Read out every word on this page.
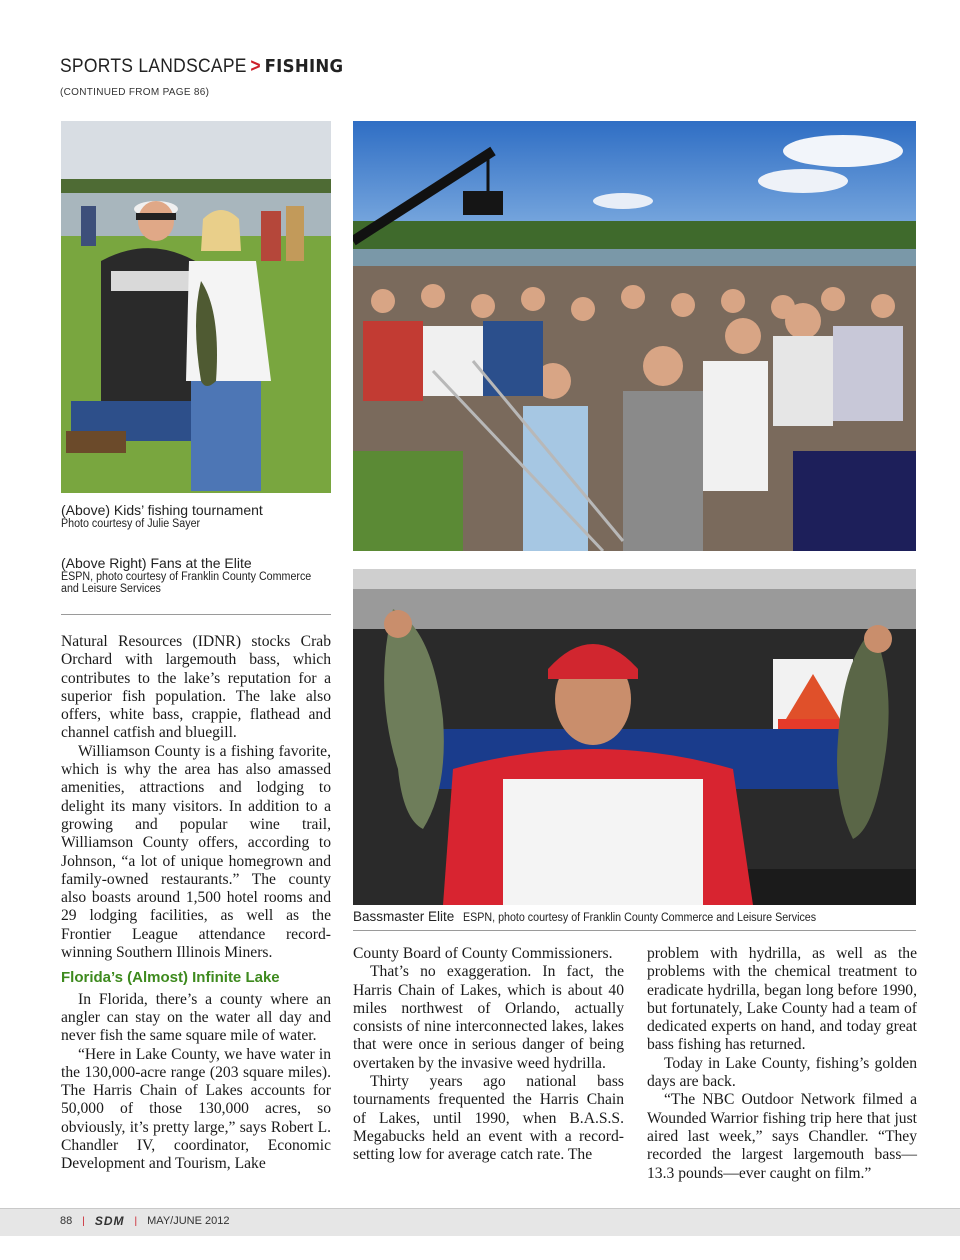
SPORTS LANDSCAPE > FISHING
(CONTINUED FROM PAGE 86)
(Above) Kids’ fishing tournament
Photo courtesy of Julie Sayer
(Above Right) Fans at the Elite
ESPN, photo courtesy of Franklin County Commerce
and Leisure Services
Bassmaster Elite ESPN, photo courtesy of Franklin County Commerce and Leisure Services

Natural Resources (IDNR) stocks Crab Orchard with largemouth bass, which contributes to the lake’s reputation for a superior fish population. The lake also offers, white bass, crappie, flathead and channel catfish and bluegill.

Williamson County is a fishing favorite, which is why the area has also amassed amenities, attractions and lodging to delight its many visitors. In addition to a growing and popular wine trail, Williamson County offers, according to Johnson, “a lot of unique homegrown and family-owned restaurants.” The county also boasts around 1,500 hotel rooms and 29 lodging facilities, as well as the Frontier League attendance record-winning Southern Illinois Miners.

Florida’s (Almost) Infinite Lake

In Florida, there’s a county where an angler can stay on the water all day and never fish the same square mile of water.

“Here in Lake County, we have water in the 130,000-acre range (203 square miles). The Harris Chain of Lakes accounts for 50,000 of those 130,000 acres, so obviously, it’s pretty large,” says Robert L. Chandler IV, coordinator, Economic Development and Tourism, Lake

County Board of County Commissioners.

That’s no exaggeration. In fact, the Harris Chain of Lakes, which is about 40 miles northwest of Orlando, actually consists of nine interconnected lakes, lakes that were once in serious danger of being overtaken by the invasive weed hydrilla.

Thirty years ago national bass tournaments frequented the Harris Chain of Lakes, until 1990, when B.A.S.S. Megabucks held an event with a record-setting low for average catch rate. The

problem with hydrilla, as well as the problems with the chemical treatment to eradicate hydrilla, began long before 1990, but fortunately, Lake County had a team of dedicated experts on hand, and today great bass fishing has returned.

Today in Lake County, fishing’s golden days are back.

“The NBC Outdoor Network filmed a Wounded Warrior fishing trip here that just aired last week,” says Chandler. “They recorded the largest largemouth bass—13.3 pounds—ever caught on film.”

88 | SDM | MAY/JUNE 2012
